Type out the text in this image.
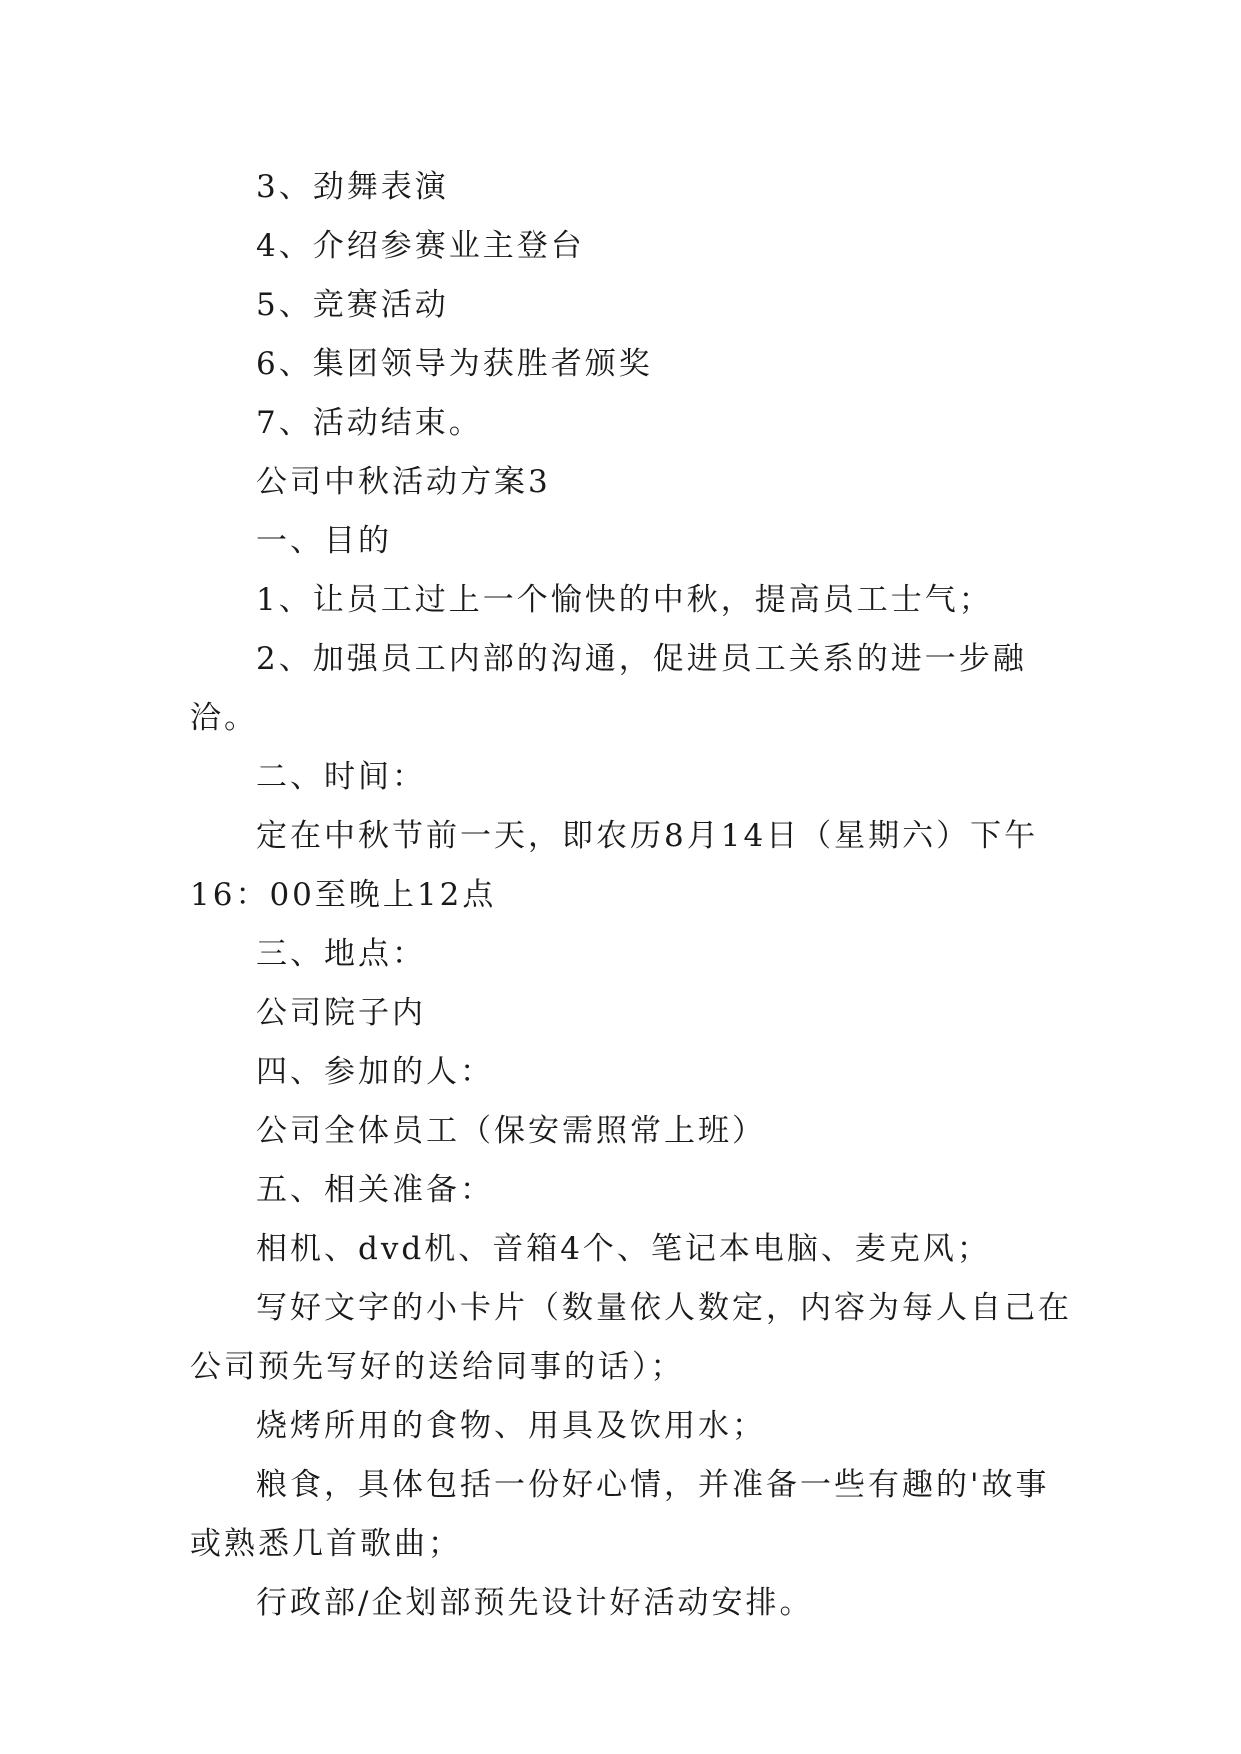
3、劲舞表演

4、介绍参赛业主登台

5、竞赛活动

6、集团领导为获胜者颁奖

7、活动结束。

公司中秋活动方案3

一、目的

1、让员工过上一个愉快的中秋，提高员工士气；

2、加强员工内部的沟通，促进员工关系的进一步融洽。

二、时间：

定在中秋节前一天，即农历8月14日（星期六）下午16：00至晚上12点

三、地点：

公司院子内

四、参加的人：

公司全体员工（保安需照常上班）

五、相关准备：

相机、dvd机、音箱4个、笔记本电脑、麦克风；

写好文字的小卡片（数量依人数定，内容为每人自己在公司预先写好的送给同事的话）；

烧烤所用的食物、用具及饮用水；

粮食，具体包括一份好心情，并准备一些有趣的'故事或熟悉几首歌曲；

行政部/企划部预先设计好活动安排。
